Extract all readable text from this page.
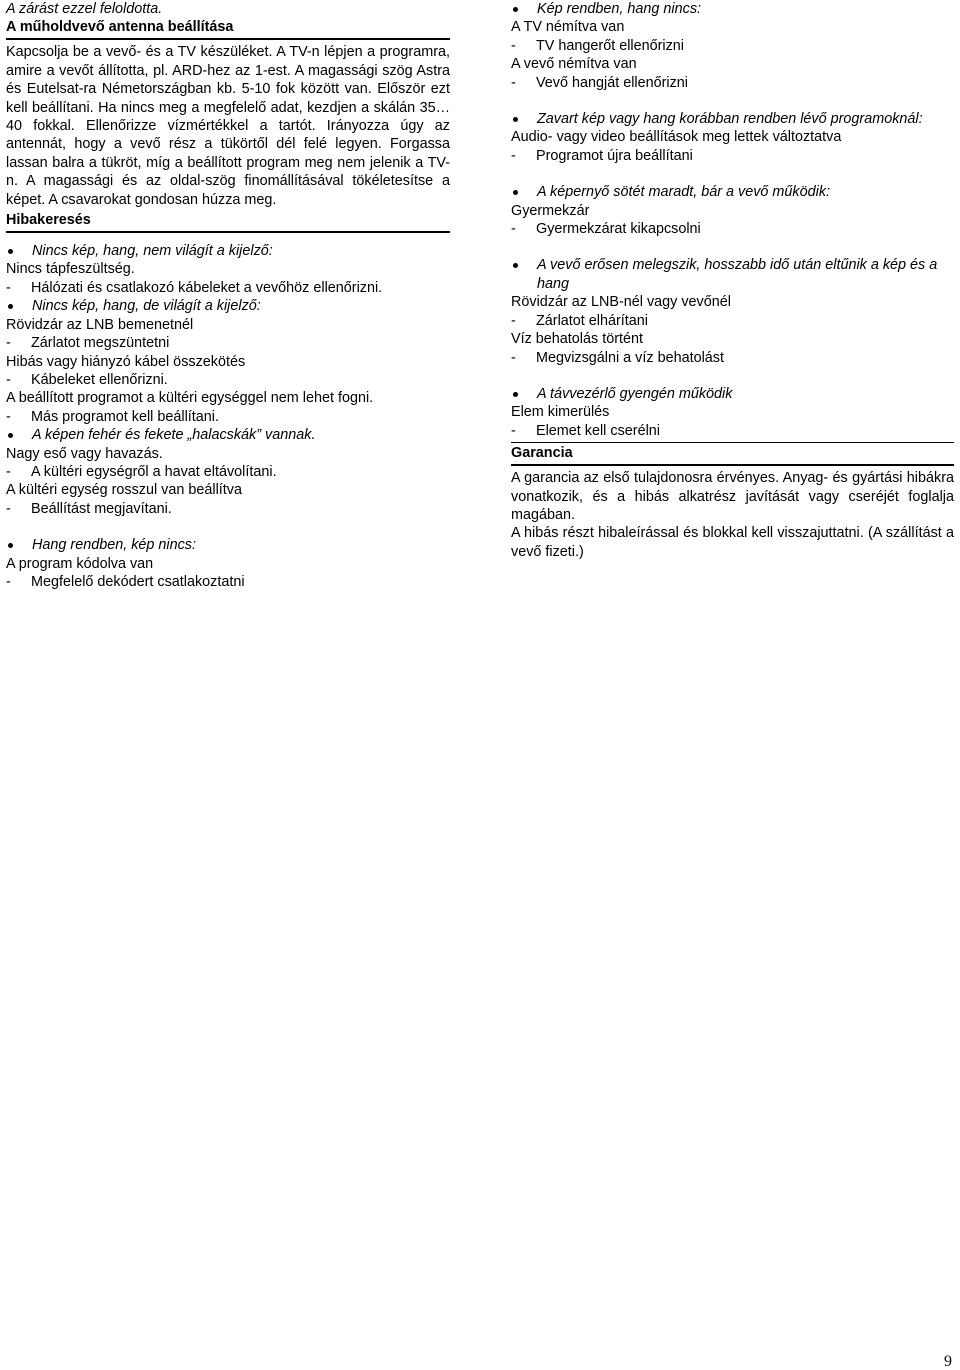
A zárást ezzel feloldotta.

A műholdvevő antenna beállítása

Kapcsolja be a vevő- és a TV készüléket. A TV-n lépjen a programra, amire a vevőt állította, pl. ARD-hez az 1-est. A magassági szög Astra és Eutelsat-ra Németországban kb. 5-10 fok között van. Először ezt kell beállítani. Ha nincs meg a megfelelő adat, kezdjen a skálán 35…40 fokkal. Ellenőrizze vízmértékkel a tartót. Irányozza úgy az antennát, hogy a vevő rész a tükörtől dél felé legyen. Forgassa lassan balra a tükröt, míg a beállított program meg nem jelenik a TV-n. A magassági és az oldal-szög finomállításával tökéletesítse a képet. A csavarokat gondosan húzza meg.

Hibakeresés

Nincs kép, hang, nem világít a kijelző:

Nincs tápfeszültség.

- Hálózati és csatlakozó kábeleket a vevőhöz ellenőrizni.

Nincs kép, hang, de világít a kijelző:

Rövidzár az LNB bemenetnél

- Zárlatot megszüntetni

Hibás vagy hiányzó kábel összekötés

- Kábeleket ellenőrizni.

A beállított programot a kültéri egységgel nem lehet fogni.

- Más programot kell beállítani.

A képen fehér és fekete „halacskák” vannak.

Nagy eső vagy havazás.

- A kültéri egységről a havat eltávolítani.

A kültéri egység rosszul van beállítva

- Beállítást megjavítani.

Hang rendben, kép nincs:

A program kódolva van

- Megfelelő dekódert csatlakoztatni

Kép rendben, hang nincs:

A TV némítva van

- TV hangerőt ellenőrizni

A vevő némítva van

- Vevő hangját ellenőrizni

Zavart kép vagy hang korábban rendben lévő programoknál:

Audio- vagy video beállítások meg lettek változtatva

- Programot újra beállítani

A képernyő sötét maradt, bár a vevő működik:

Gyermekzár

- Gyermekzárat kikapcsolni

A vevő erősen melegszik, hosszabb idő után eltűnik a kép és a hang

Rövidzár az LNB-nél vagy vevőnél

- Zárlatot elhárítani

Víz behatolás történt

- Megvizsgálni a víz behatolást

A távvezérlő gyengén működik

Elem kimerülés

- Elemet kell cserélni

Garancia

A garancia az első tulajdonosra érvényes. Anyag- és gyártási hibákra vonatkozik, és a hibás alkatrész javítását vagy cseréjét foglalja magában.

A hibás részt hibaleírással és blokkal kell visszajuttatni. (A szállítást a vevő fizeti.)

9
